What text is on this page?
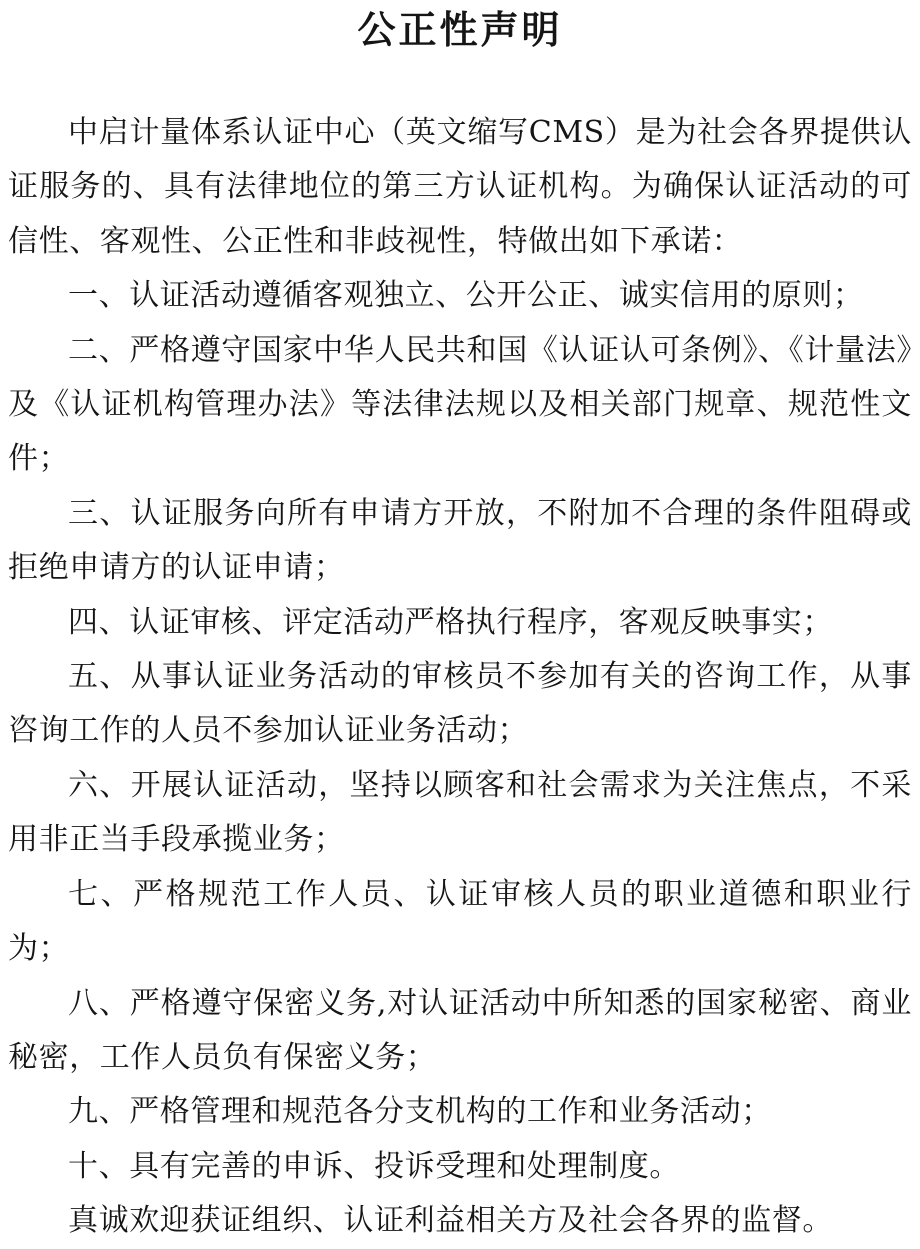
公正性声明

中启计量体系认证中心（英文缩写CMS）是为社会各界提供认证服务的、具有法律地位的第三方认证机构。为确保认证活动的可信性、客观性、公正性和非歧视性，特做出如下承诺：

一、认证活动遵循客观独立、公开公正、诚实信用的原则；

二、严格遵守国家中华人民共和国《认证认可条例》、《计量法》及《认证机构管理办法》等法律法规以及相关部门规章、规范性文件；

三、认证服务向所有申请方开放，不附加不合理的条件阻碍或拒绝申请方的认证申请；

四、认证审核、评定活动严格执行程序，客观反映事实；

五、从事认证业务活动的审核员不参加有关的咨询工作，从事咨询工作的人员不参加认证业务活动；

六、开展认证活动，坚持以顾客和社会需求为关注焦点，不采用非正当手段承揽业务；

七、严格规范工作人员、认证审核人员的职业道德和职业行为；

八、严格遵守保密义务,对认证活动中所知悉的国家秘密、商业秘密，工作人员负有保密义务；

九、严格管理和规范各分支机构的工作和业务活动；

十、具有完善的申诉、投诉受理和处理制度。

真诚欢迎获证组织、认证利益相关方及社会各界的监督。
